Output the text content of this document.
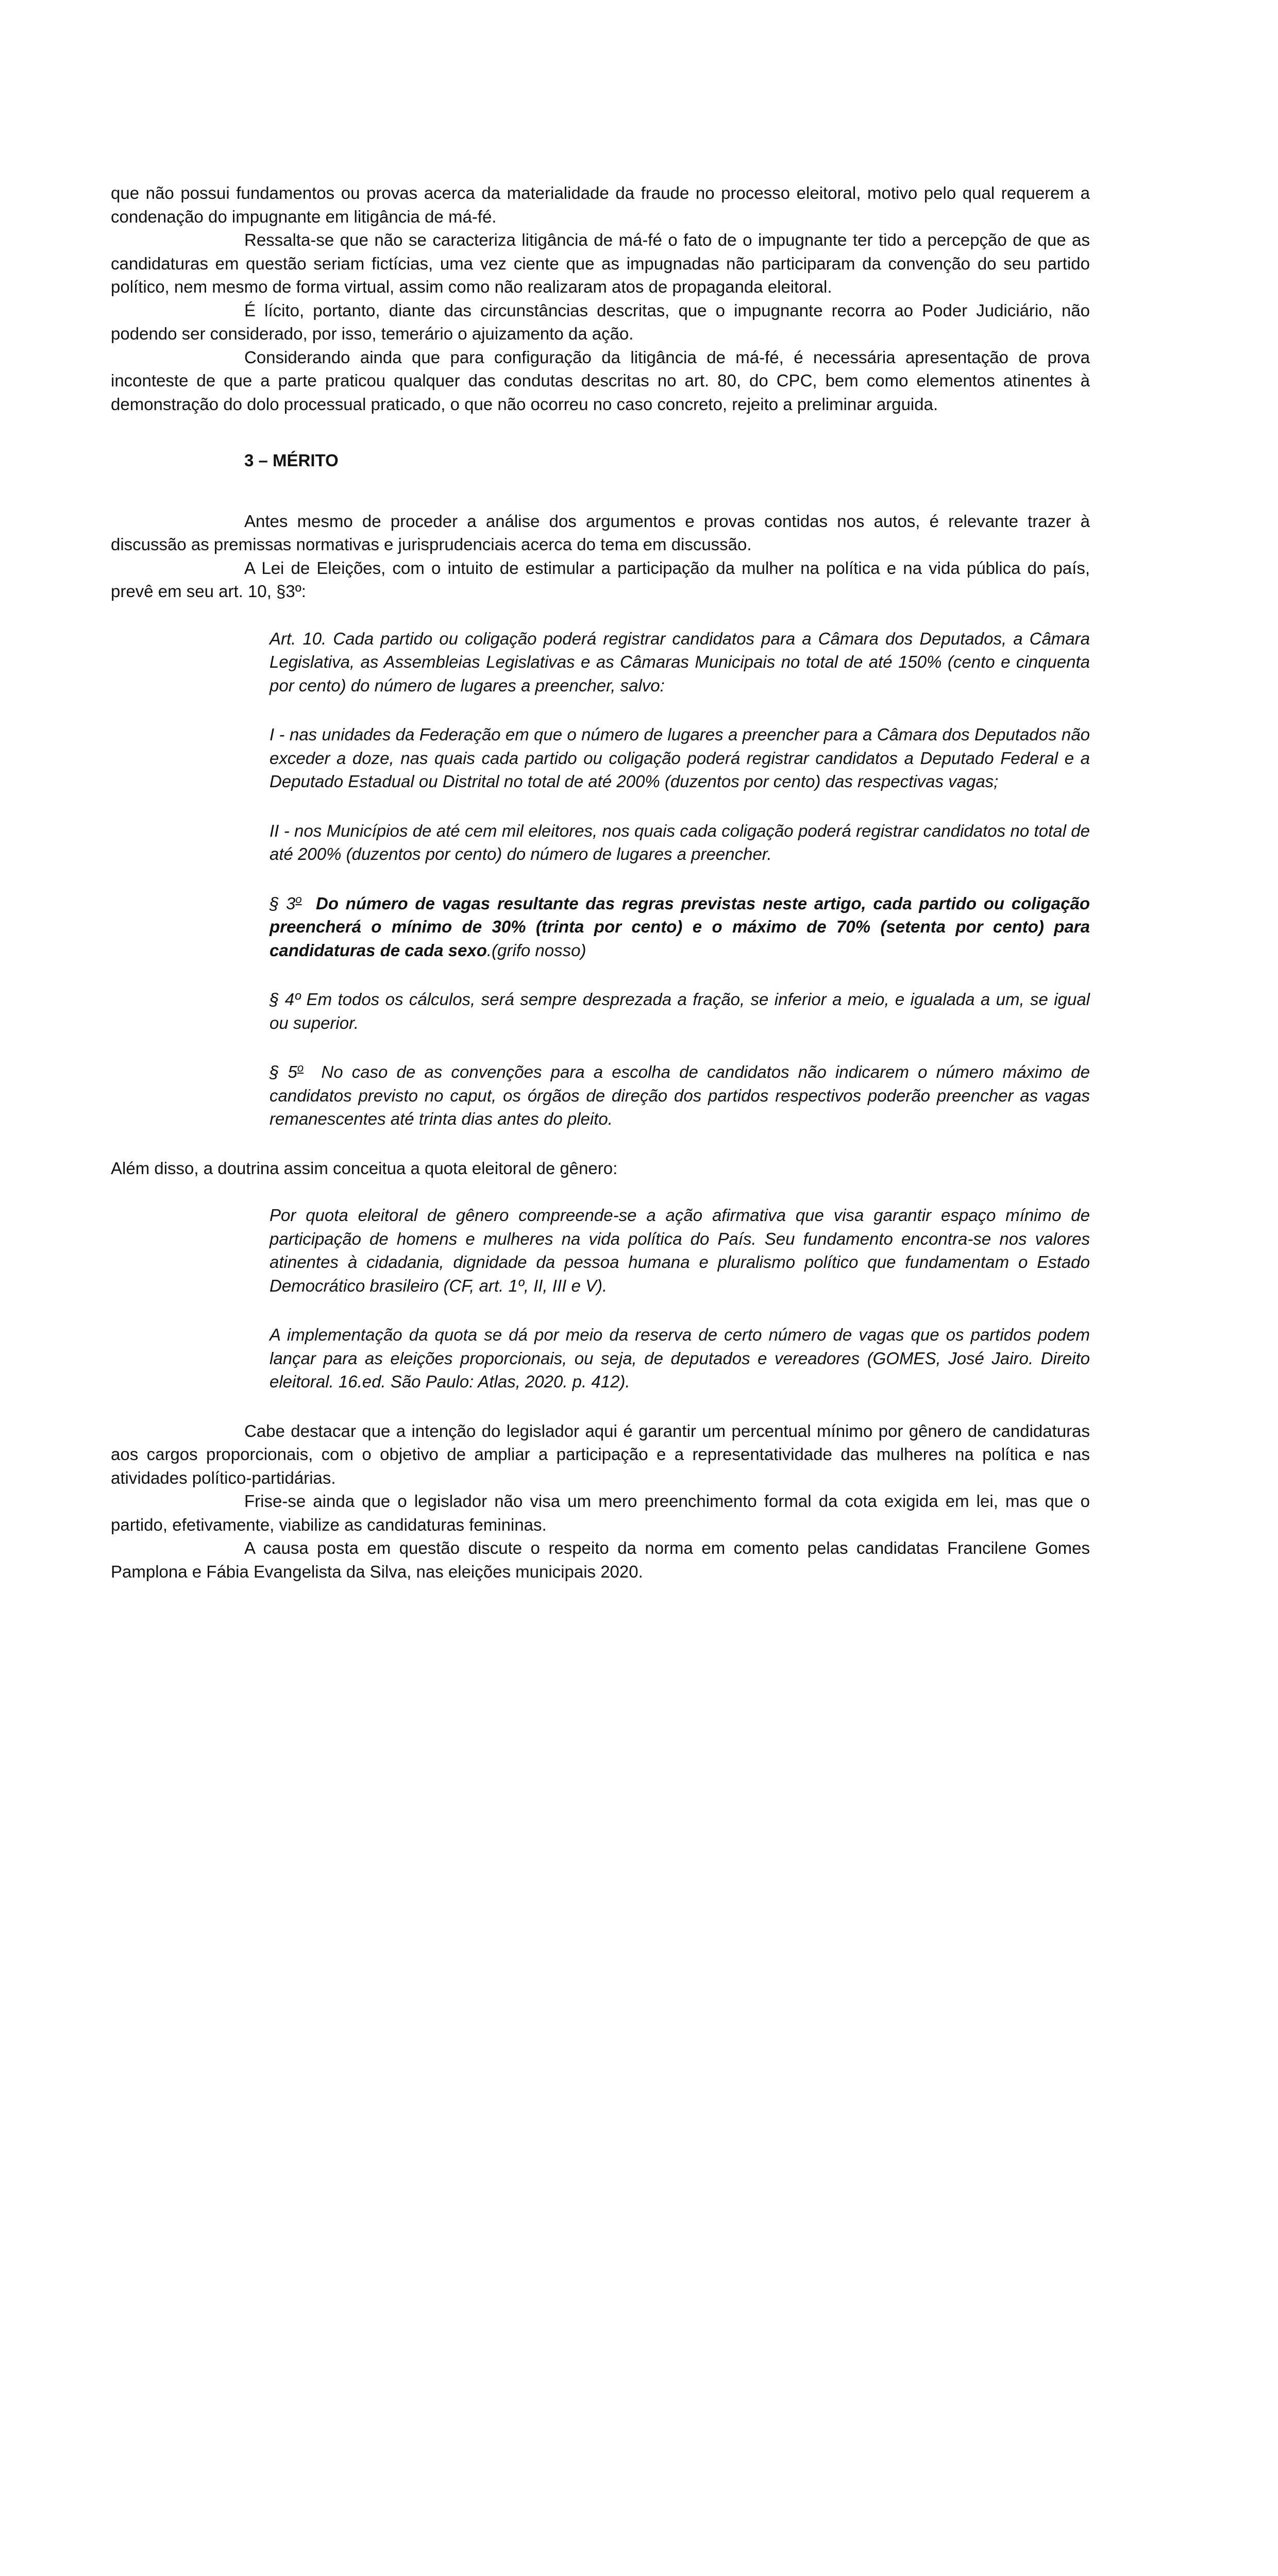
que não possui fundamentos ou provas acerca da materialidade da fraude no processo eleitoral, motivo pelo qual requerem a condenação do impugnante em litigância de má-fé.

Ressalta-se que não se caracteriza litigância de má-fé o fato de o impugnante ter tido a percepção de que as candidaturas em questão seriam fictícias, uma vez ciente que as impugnadas não participaram da convenção do seu partido político, nem mesmo de forma virtual, assim como não realizaram atos de propaganda eleitoral.

É lícito, portanto, diante das circunstâncias descritas, que o impugnante recorra ao Poder Judiciário, não podendo ser considerado, por isso, temerário o ajuizamento da ação.

Considerando ainda que para configuração da litigância de má-fé, é necessária apresentação de prova inconteste de que a parte praticou qualquer das condutas descritas no art. 80, do CPC, bem como elementos atinentes à demonstração do dolo processual praticado, o que não ocorreu no caso concreto, rejeito a preliminar arguida.

3 – MÉRITO

Antes mesmo de proceder a análise dos argumentos e provas contidas nos autos, é relevante trazer à discussão as premissas normativas e jurisprudenciais acerca do tema em discussão.

A Lei de Eleições, com o intuito de estimular a participação da mulher na política e na vida pública do país, prevê em seu art. 10, §3º:

Art. 10. Cada partido ou coligação poderá registrar candidatos para a Câmara dos Deputados, a Câmara Legislativa, as Assembleias Legislativas e as Câmaras Municipais no total de até 150% (cento e cinquenta por cento) do número de lugares a preencher, salvo:

I - nas unidades da Federação em que o número de lugares a preencher para a Câmara dos Deputados não exceder a doze, nas quais cada partido ou coligação poderá registrar candidatos a Deputado Federal e a Deputado Estadual ou Distrital no total de até 200% (duzentos por cento) das respectivas vagas;

II - nos Municípios de até cem mil eleitores, nos quais cada coligação poderá registrar candidatos no total de até 200% (duzentos por cento) do número de lugares a preencher.

§ 3$^o$ Do número de vagas resultante das regras previstas neste artigo, cada partido ou coligação preencherá o mínimo de 30% (trinta por cento) e o máximo de 70% (setenta por cento) para candidaturas de cada sexo.(grifo nosso)

§ 4º Em todos os cálculos, será sempre desprezada a fração, se inferior a meio, e igualada a um, se igual ou superior.

§ 5$^o$ No caso de as convenções para a escolha de candidatos não indicarem o número máximo de candidatos previsto no caput, os órgãos de direção dos partidos respectivos poderão preencher as vagas remanescentes até trinta dias antes do pleito.

Além disso, a doutrina assim conceitua a quota eleitoral de gênero:

Por quota eleitoral de gênero compreende-se a ação afirmativa que visa garantir espaço mínimo de participação de homens e mulheres na vida política do País. Seu fundamento encontra-se nos valores atinentes à cidadania, dignidade da pessoa humana e pluralismo político que fundamentam o Estado Democrático brasileiro (CF, art. 1º, II, III e V).

A implementação da quota se dá por meio da reserva de certo número de vagas que os partidos podem lançar para as eleições proporcionais, ou seja, de deputados e vereadores (GOMES, José Jairo. Direito eleitoral. 16.ed. São Paulo: Atlas, 2020. p. 412).

Cabe destacar que a intenção do legislador aqui é garantir um percentual mínimo por gênero de candidaturas aos cargos proporcionais, com o objetivo de ampliar a participação e a representatividade das mulheres na política e nas atividades político-partidárias.

Frise-se ainda que o legislador não visa um mero preenchimento formal da cota exigida em lei, mas que o partido, efetivamente, viabilize as candidaturas femininas.

A causa posta em questão discute o respeito da norma em comento pelas candidatas Francilene Gomes Pamplona e Fábia Evangelista da Silva, nas eleições municipais 2020.
